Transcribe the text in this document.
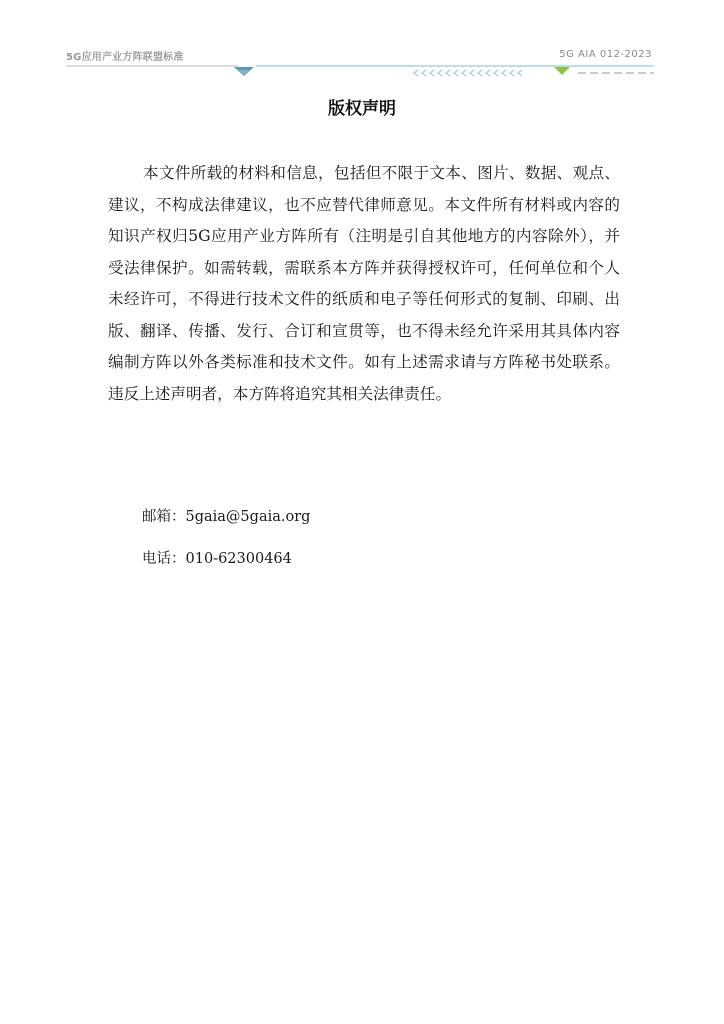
5G应用产业方阵联盟标准	5G AIA 012-2023
版权声明

本文件所载的材料和信息，包括但不限于文本、图片、数据、观点、建议，不构成法律建议，也不应替代律师意见。本文件所有材料或内容的知识产权归5G应用产业方阵所有（注明是引自其他地方的内容除外），并受法律保护。如需转载，需联系本方阵并获得授权许可，任何单位和个人未经许可，不得进行技术文件的纸质和电子等任何形式的复制、印刷、出版、翻译、传播、发行、合订和宣贯等，也不得未经允许采用其具体内容编制方阵以外各类标准和技术文件。如有上述需求请与方阵秘书处联系。违反上述声明者，本方阵将追究其相关法律责任。

邮箱：5gaia@5gaia.org
电话：010-62300464
